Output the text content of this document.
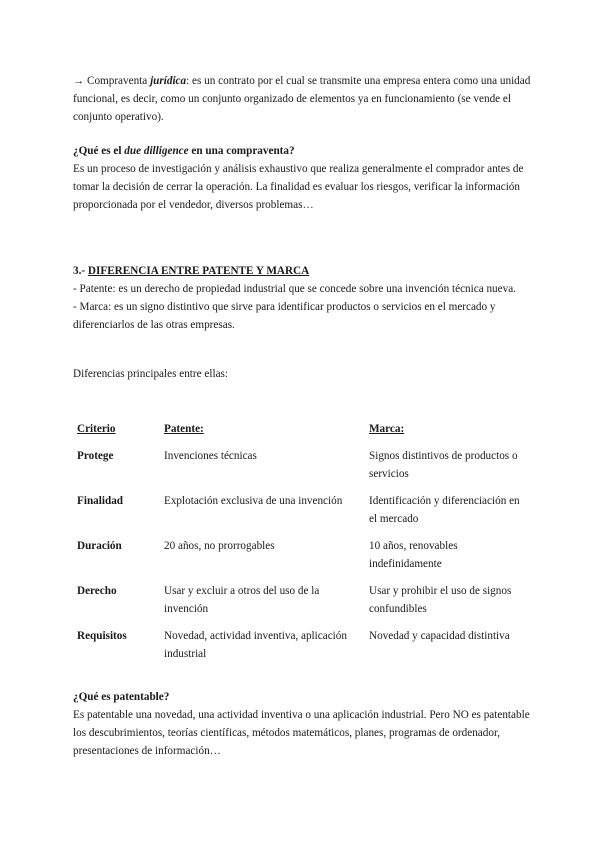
→ Compraventa jurídica: es un contrato por el cual se transmite una empresa entera como una unidad funcional, es decir, como un conjunto organizado de elementos ya en funcionamiento (se vende el conjunto operativo).

¿Qué es el due dilligence en una compraventa?

Es un proceso de investigación y análisis exhaustivo que realiza generalmente el comprador antes de tomar la decisión de cerrar la operación. La finalidad es evaluar los riesgos, verificar la información proporcionada por el vendedor, diversos problemas…

3.- DIFERENCIA ENTRE PATENTE Y MARCA

- Patente: es un derecho de propiedad industrial que se concede sobre una invención técnica nueva.

- Marca: es un signo distintivo que sirve para identificar productos o servicios en el mercado y diferenciarlos de las otras empresas.

Diferencias principales entre ellas:

Criterio	Patente:	Marca:
Protege	Invenciones técnicas	Signos distintivos de productos o servicios
Finalidad	Explotación exclusiva de una invención	Identificación y diferenciación en el mercado
Duración	20 años, no prorrogables	10 años, renovables indefinidamente
Derecho	Usar y excluir a otros del uso de la invención	Usar y prohibir el uso de signos confundibles
Requisitos	Novedad, actividad inventiva, aplicación industrial	Novedad y capacidad distintiva

¿Qué es patentable?

Es patentable una novedad, una actividad inventiva o una aplicación industrial. Pero NO es patentable los descubrimientos, teorías científicas, métodos matemáticos, planes, programas de ordenador, presentaciones de información…
